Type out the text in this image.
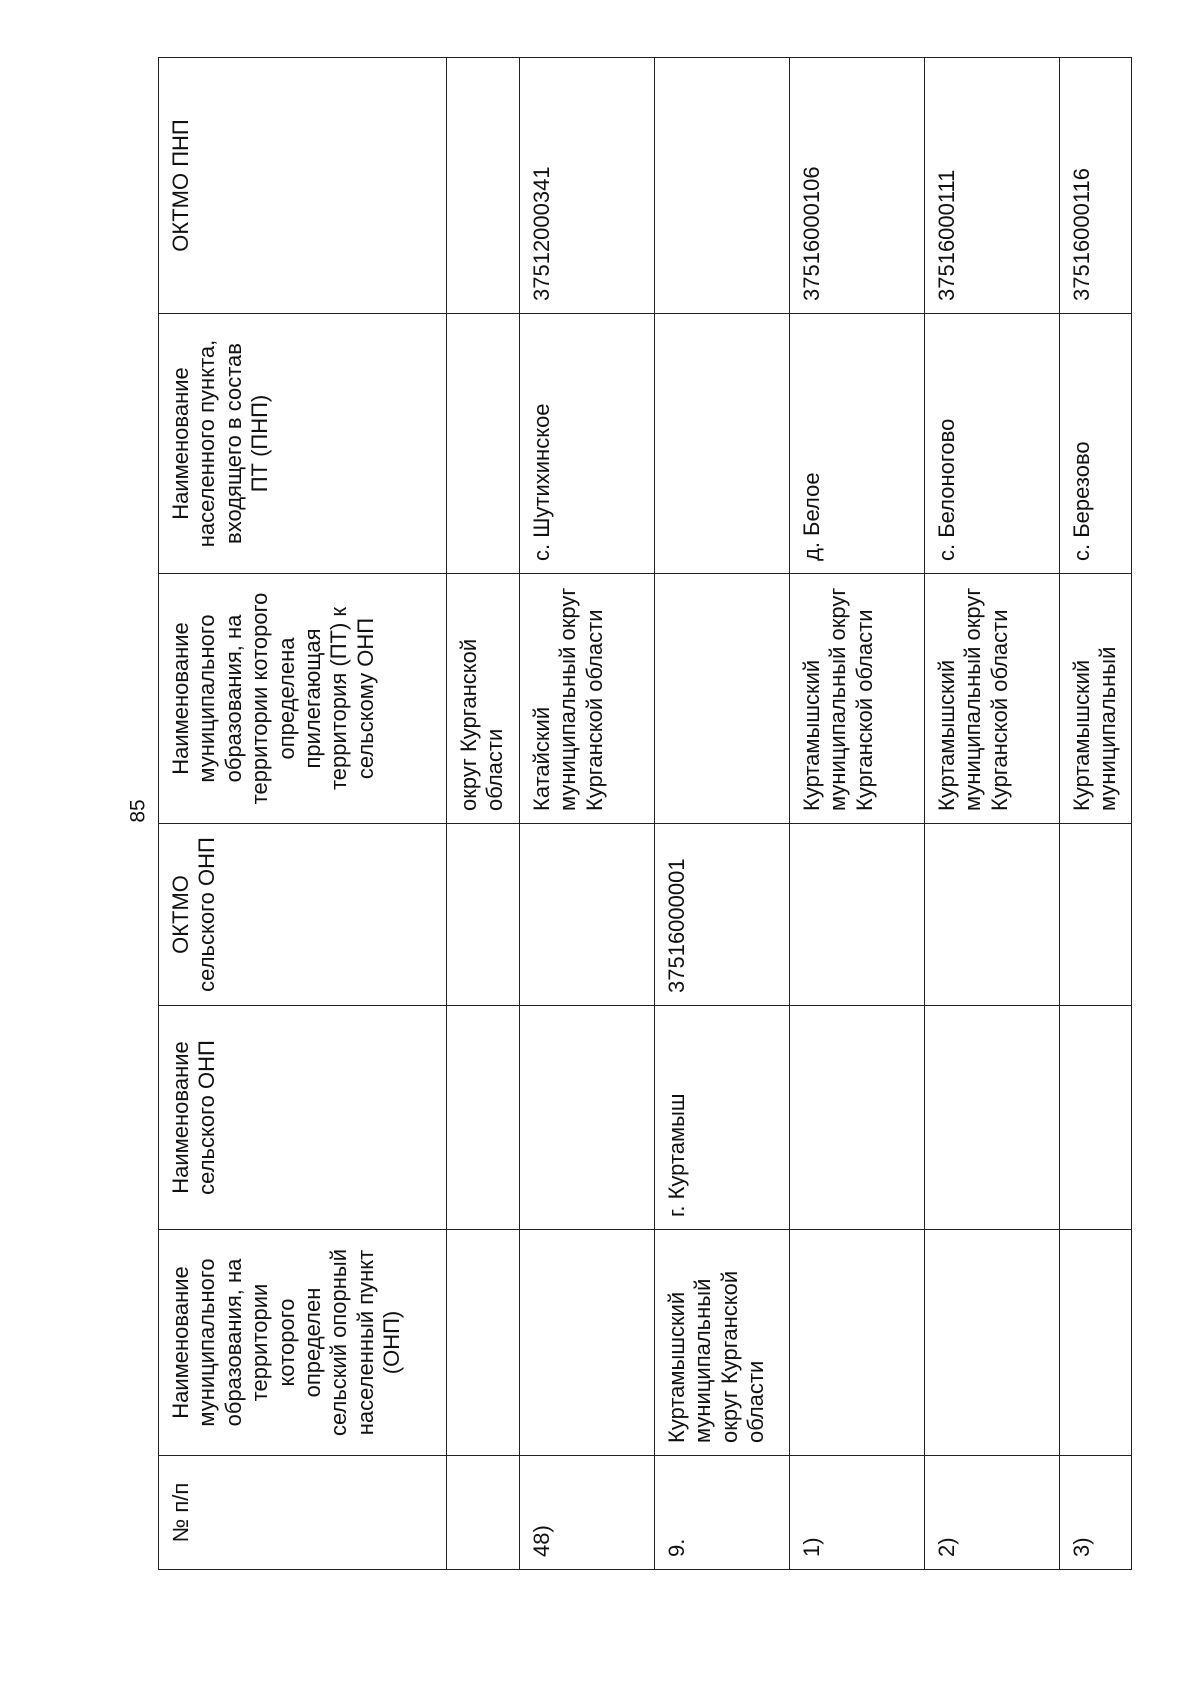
85
№ п/п	Наименование муниципального образования, на территории которого определен сельский опорный населенный пункт (ОНП)	Наименование сельского ОНП	ОКТМО сельского ОНП	Наименование муниципального образования, на территории которого определена прилегающая территория (ПТ) к сельскому ОНП	Наименование населенного пункта, входящего в состав ПТ (ПНП)	ОКТМО ПНП
				округ Курганской области		
48)				Катайский муниципальный округ Курганской области	с. Шутихинское	37512000341
9.	Куртамышский муниципальный округ Курганской области	г. Куртамыш	37516000001			
1)				Куртамышский муниципальный округ Курганской области	д. Белое	37516000106
2)				Куртамышский муниципальный округ Курганской области	с. Белоногово	37516000111
3)				Куртамышский муниципальный	с. Березово	37516000116
